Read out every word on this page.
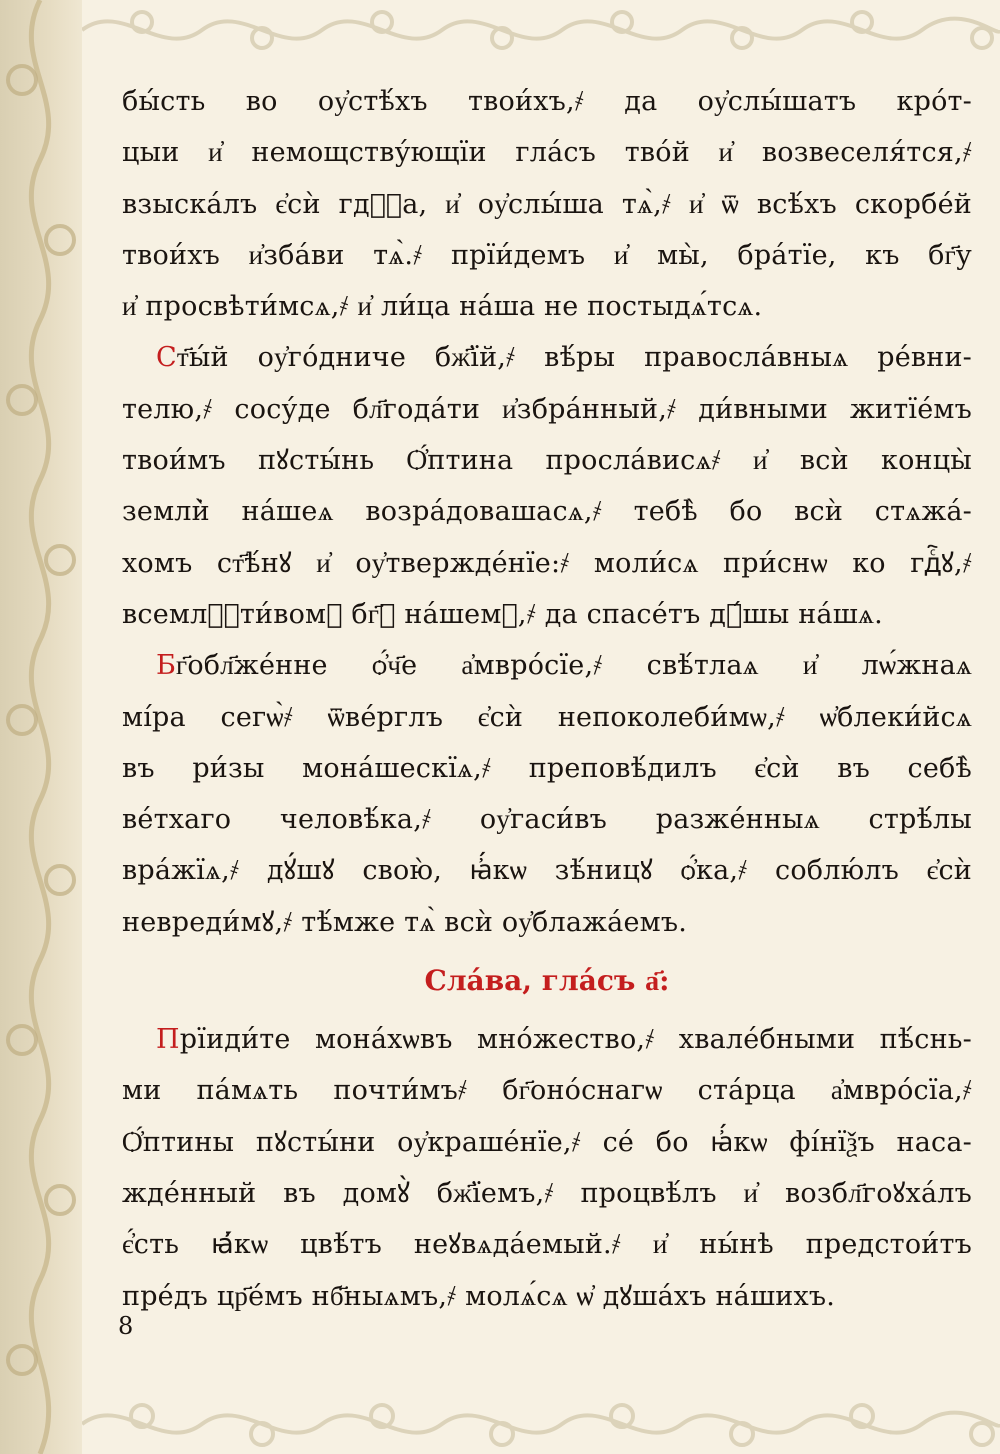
бы́сть во оу҆стѣ́хъ твои́хъ,҂ да оу҆слы́шатъ кро́т-
цыи и҆ немощству́ющїи гла́съ тво́й и҆ возвеселя́тся,҂
взыска́лъ є҆сѝ гдⷭ҇а, и҆ оу҆слы́ша тѧ̀,҂ и҆ ѿ всѣ́хъ скорбе́й
твои́хъ и҆зба́ви тѧ̀.҂ прїи́демъ и҆ мы̀, бра́тїе, къ бг҃у
и҆ просвѣти́мсѧ,҂ и҆ ли́ца на́ша не постыдѧ́тсѧ.
Ст҃ы́й оу҆го́дниче бж҃їй,҂ вѣ́ры правосла́вныѧ ре́вни-
телю,҂ сосу́де бл҃года́ти и҆збра́нный,҂ ди́вными житїе́мъ
твои́мъ пꙋсты́нь Ѻ҆́птина просла́висѧ҂ и҆ всѝ концы̀
земли̇̀ на́шеѧ возра́довашасѧ,҂ тебѣ̀ бо всѝ стѧжа́-
хомъ ст҃ѣ́нꙋ и҆ оу҆твержде́нїе:҂ моли́сѧ при́снѡ ко гдⷭ҇ꙋ,҂
всемлⷭ҇ти́вомꙋ бг҃ꙋ на́шемꙋ,҂ да спасе́тъ дꙋ́шы на́шѧ.
Бг҃обл҃же́нне ѻ҆́ч҃е а҆мвро́сїе,҂ свѣ́тлаѧ и҆ лѡ́жнаѧ
мі́ра сегѡ̀҂ ѿве́рглъ є҆сѝ непоколеби́мѡ,҂ ѡ҆блеки́йсѧ
въ ри́зы мона́шескїѧ,҂ преповѣ́дилъ є҆сѝ въ себѣ̀
ве́тхаго человѣ́ка,҂ оу҆гаси́въ разже́нныѧ стрѣ́лы
вра́жїѧ,҂ дꙋ́шꙋ свою̀, ꙗ҆́кѡ зѣ́ницꙋ ѻ҆́ка,҂ соблю́лъ є҆сѝ
невреди́мꙋ,҂ тѣ́мже тѧ̀ всѝ оу҆блажа́емъ.
Сла́ва, гла́съ а҃:
Прїиди́те мона́хѡвъ мно́жество,҂ хвале́бными пѣ́снь-
ми па́мѧть почти́мъ҂ бг҃оно́снагѡ ста́рца а҆мвро́сїа,҂
Ѻ҆́птины пꙋсты́ни оу҆краше́нїе,҂ се́ бо ꙗ҆́кѡ фі́нїѯъ наса-
жде́нный въ домꙋ̀ бж҃їемъ,҂ процвѣ́лъ и҆ возбл҃гоꙋха́лъ
є҆́сть ꙗ҆́кѡ цвѣ́тъ неꙋвѧда́емый.҂ и҆ ны́нѣ предстои́тъ
пре́дъ цр҃е́мъ нб҃ныѧмъ,҂ молѧ́сѧ ѡ҆ дꙋша́хъ на́шихъ.
8
